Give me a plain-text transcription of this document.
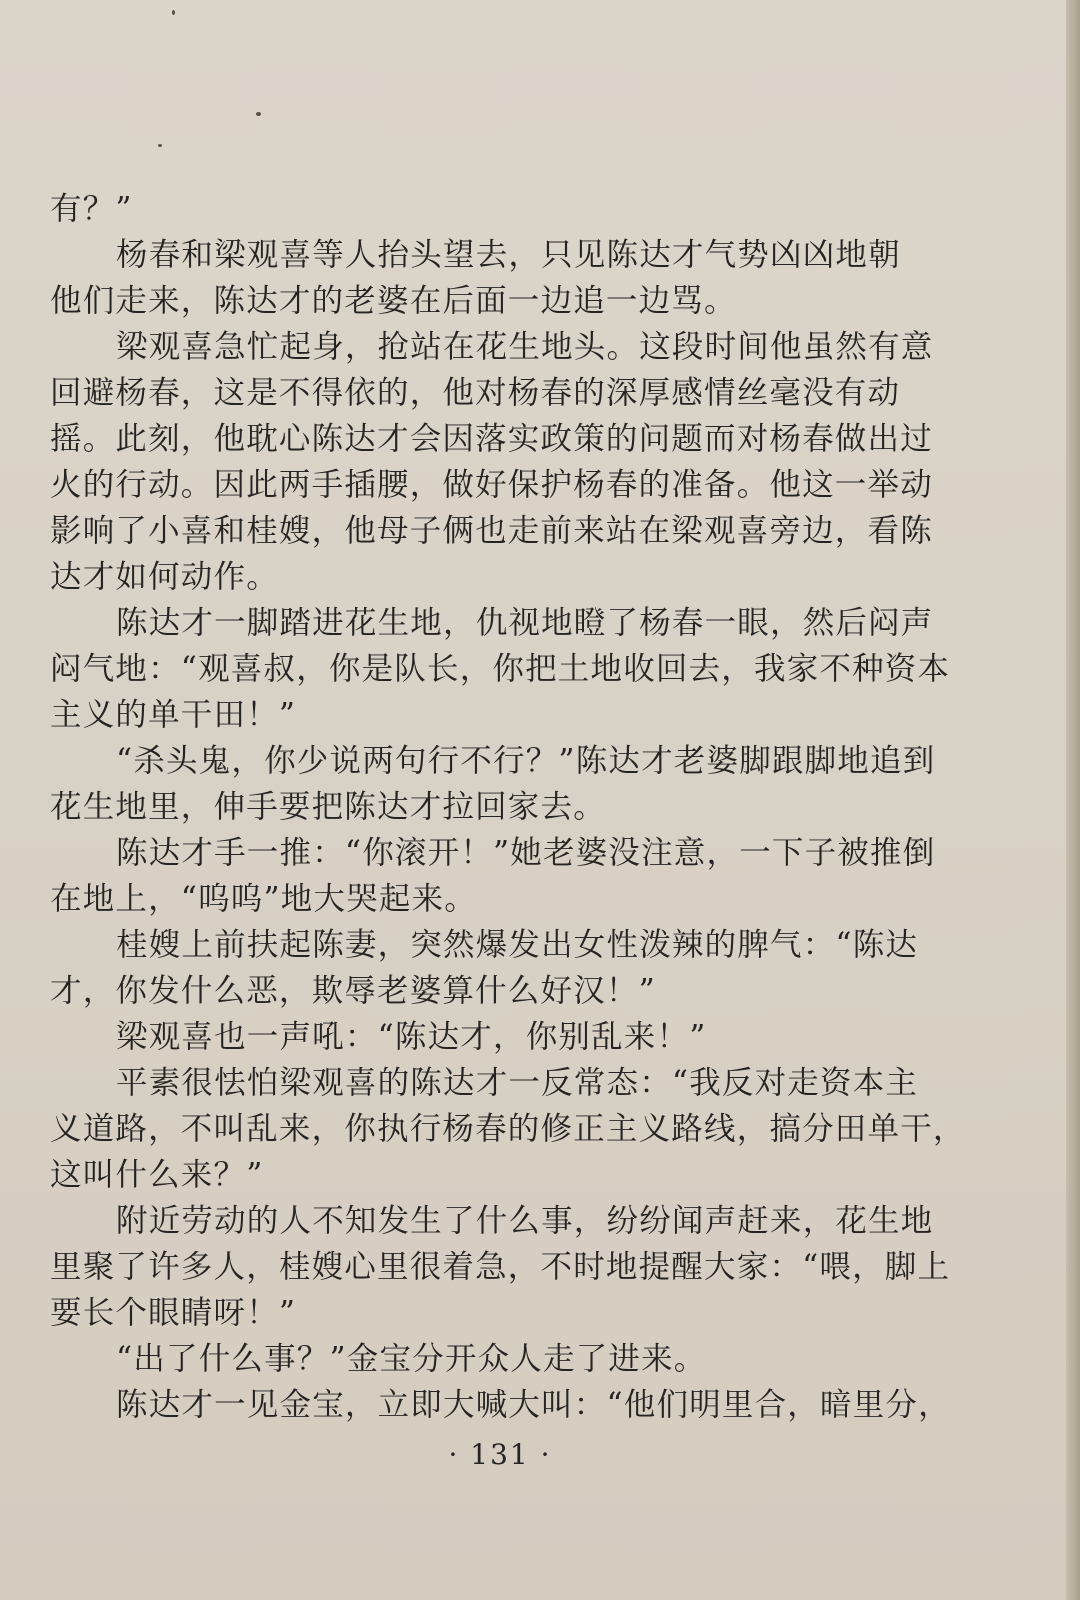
有？”
杨春和梁观喜等人抬头望去，只见陈达才气势凶凶地朝
他们走来，陈达才的老婆在后面一边追一边骂。
梁观喜急忙起身，抢站在花生地头。这段时间他虽然有意
回避杨春，这是不得依的，他对杨春的深厚感情丝毫没有动
摇。此刻，他耽心陈达才会因落实政策的问题而对杨春做出过
火的行动。因此两手插腰，做好保护杨春的准备。他这一举动
影响了小喜和桂嫂，他母子俩也走前来站在梁观喜旁边，看陈
达才如何动作。
陈达才一脚踏进花生地，仇视地瞪了杨春一眼，然后闷声
闷气地：“观喜叔，你是队长，你把土地收回去，我家不种资本
主义的单干田！”
“杀头鬼，你少说两句行不行？”陈达才老婆脚跟脚地追到
花生地里，伸手要把陈达才拉回家去。
陈达才手一推：“你滚开！”她老婆没注意，一下子被推倒
在地上，“呜呜”地大哭起来。
桂嫂上前扶起陈妻，突然爆发出女性泼辣的脾气：“陈达
才，你发什么恶，欺辱老婆算什么好汉！”
梁观喜也一声吼：“陈达才，你别乱来！”
平素很怯怕梁观喜的陈达才一反常态：“我反对走资本主
义道路，不叫乱来，你执行杨春的修正主义路线，搞分田单干，
这叫什么来？”
附近劳动的人不知发生了什么事，纷纷闻声赶来，花生地
里聚了许多人，桂嫂心里很着急，不时地提醒大家：“喂，脚上
要长个眼睛呀！”
“出了什么事？”金宝分开众人走了进来。
陈达才一见金宝，立即大喊大叫：“他们明里合，暗里分，
· 131 ·
